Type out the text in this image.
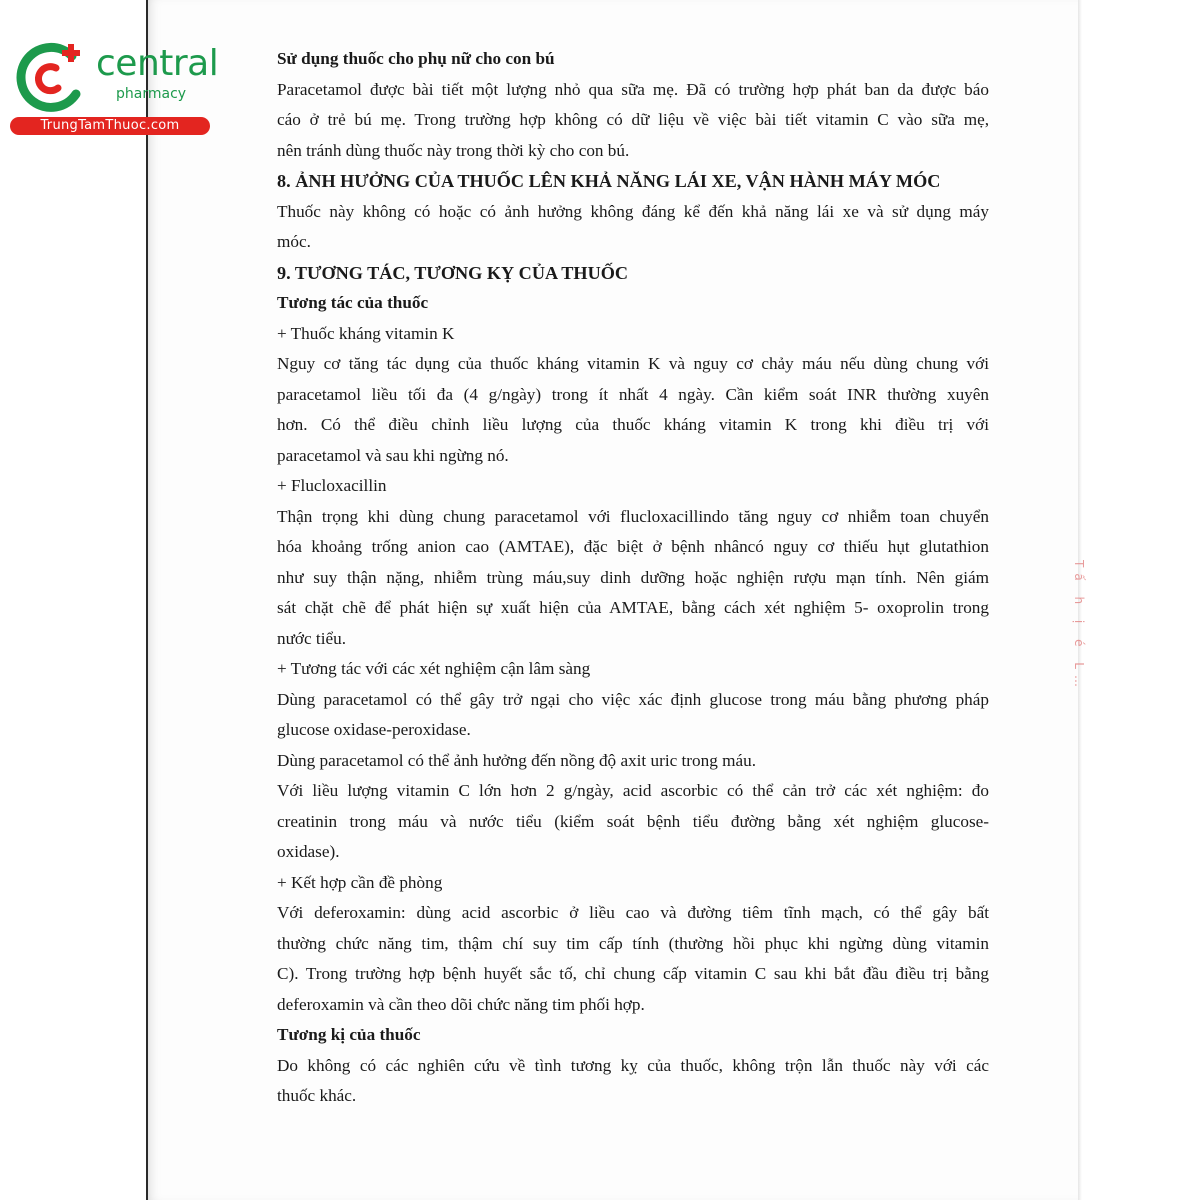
central
pharmacy
TrungTamThuoc.com
Tấ h ị é L…
Sử dụng thuốc cho phụ nữ cho con bú
Paracetamol được bài tiết một lượng nhỏ qua sữa mẹ. Đã có trường hợp phát ban da được báo
cáo ở trẻ bú mẹ. Trong trường hợp không có dữ liệu về việc bài tiết vitamin C vào sữa mẹ,
nên tránh dùng thuốc này trong thời kỳ cho con bú.
8. ẢNH HƯỞNG CỦA THUỐC LÊN KHẢ NĂNG LÁI XE, VẬN HÀNH MÁY MÓC
Thuốc này không có hoặc có ảnh hưởng không đáng kể đến khả năng lái xe và sử dụng máy
móc.
9. TƯƠNG TÁC, TƯƠNG KỴ CỦA THUỐC
Tương tác của thuốc
+ Thuốc kháng vitamin K
Nguy cơ tăng tác dụng của thuốc kháng vitamin K và nguy cơ chảy máu nếu dùng chung với
paracetamol liều tối đa (4 g/ngày) trong ít nhất 4 ngày. Cần kiểm soát INR thường xuyên
hơn. Có thể điều chỉnh liều lượng của thuốc kháng vitamin K trong khi điều trị với
paracetamol và sau khi ngừng nó.
+ Flucloxacillin
Thận trọng khi dùng chung paracetamol với flucloxacillindo tăng nguy cơ nhiễm toan chuyển
hóa khoảng trống anion cao (AMTAE), đặc biệt ở bệnh nhâncó nguy cơ thiếu hụt glutathion
như suy thận nặng, nhiễm trùng máu,suy dinh dưỡng hoặc nghiện rượu mạn tính. Nên giám
sát chặt chẽ để phát hiện sự xuất hiện của AMTAE, bằng cách xét nghiệm 5- oxoprolin trong
nước tiểu.
+ Tương tác với các xét nghiệm cận lâm sàng
Dùng paracetamol có thể gây trở ngại cho việc xác định glucose trong máu bằng phương pháp
glucose oxidase-peroxidase.
Dùng paracetamol có thể ảnh hưởng đến nồng độ axit uric trong máu.
Với liều lượng vitamin C lớn hơn 2 g/ngày, acid ascorbic có thể cản trở các xét nghiệm: đo
creatinin trong máu và nước tiểu (kiểm soát bệnh tiểu đường bằng xét nghiệm glucose-
oxidase).
+ Kết hợp cần đề phòng
Với deferoxamin: dùng acid ascorbic ở liều cao và đường tiêm tĩnh mạch, có thể gây bất
thường chức năng tim, thậm chí suy tim cấp tính (thường hồi phục khi ngừng dùng vitamin
C). Trong trường hợp bệnh huyết sắc tố, chỉ chung cấp vitamin C sau khi bắt đầu điều trị bằng
deferoxamin và cần theo dõi chức năng tim phối hợp.
Tương kị của thuốc
Do không có các nghiên cứu về tình tương kỵ của thuốc, không trộn lẫn thuốc này với các
thuốc khác.
